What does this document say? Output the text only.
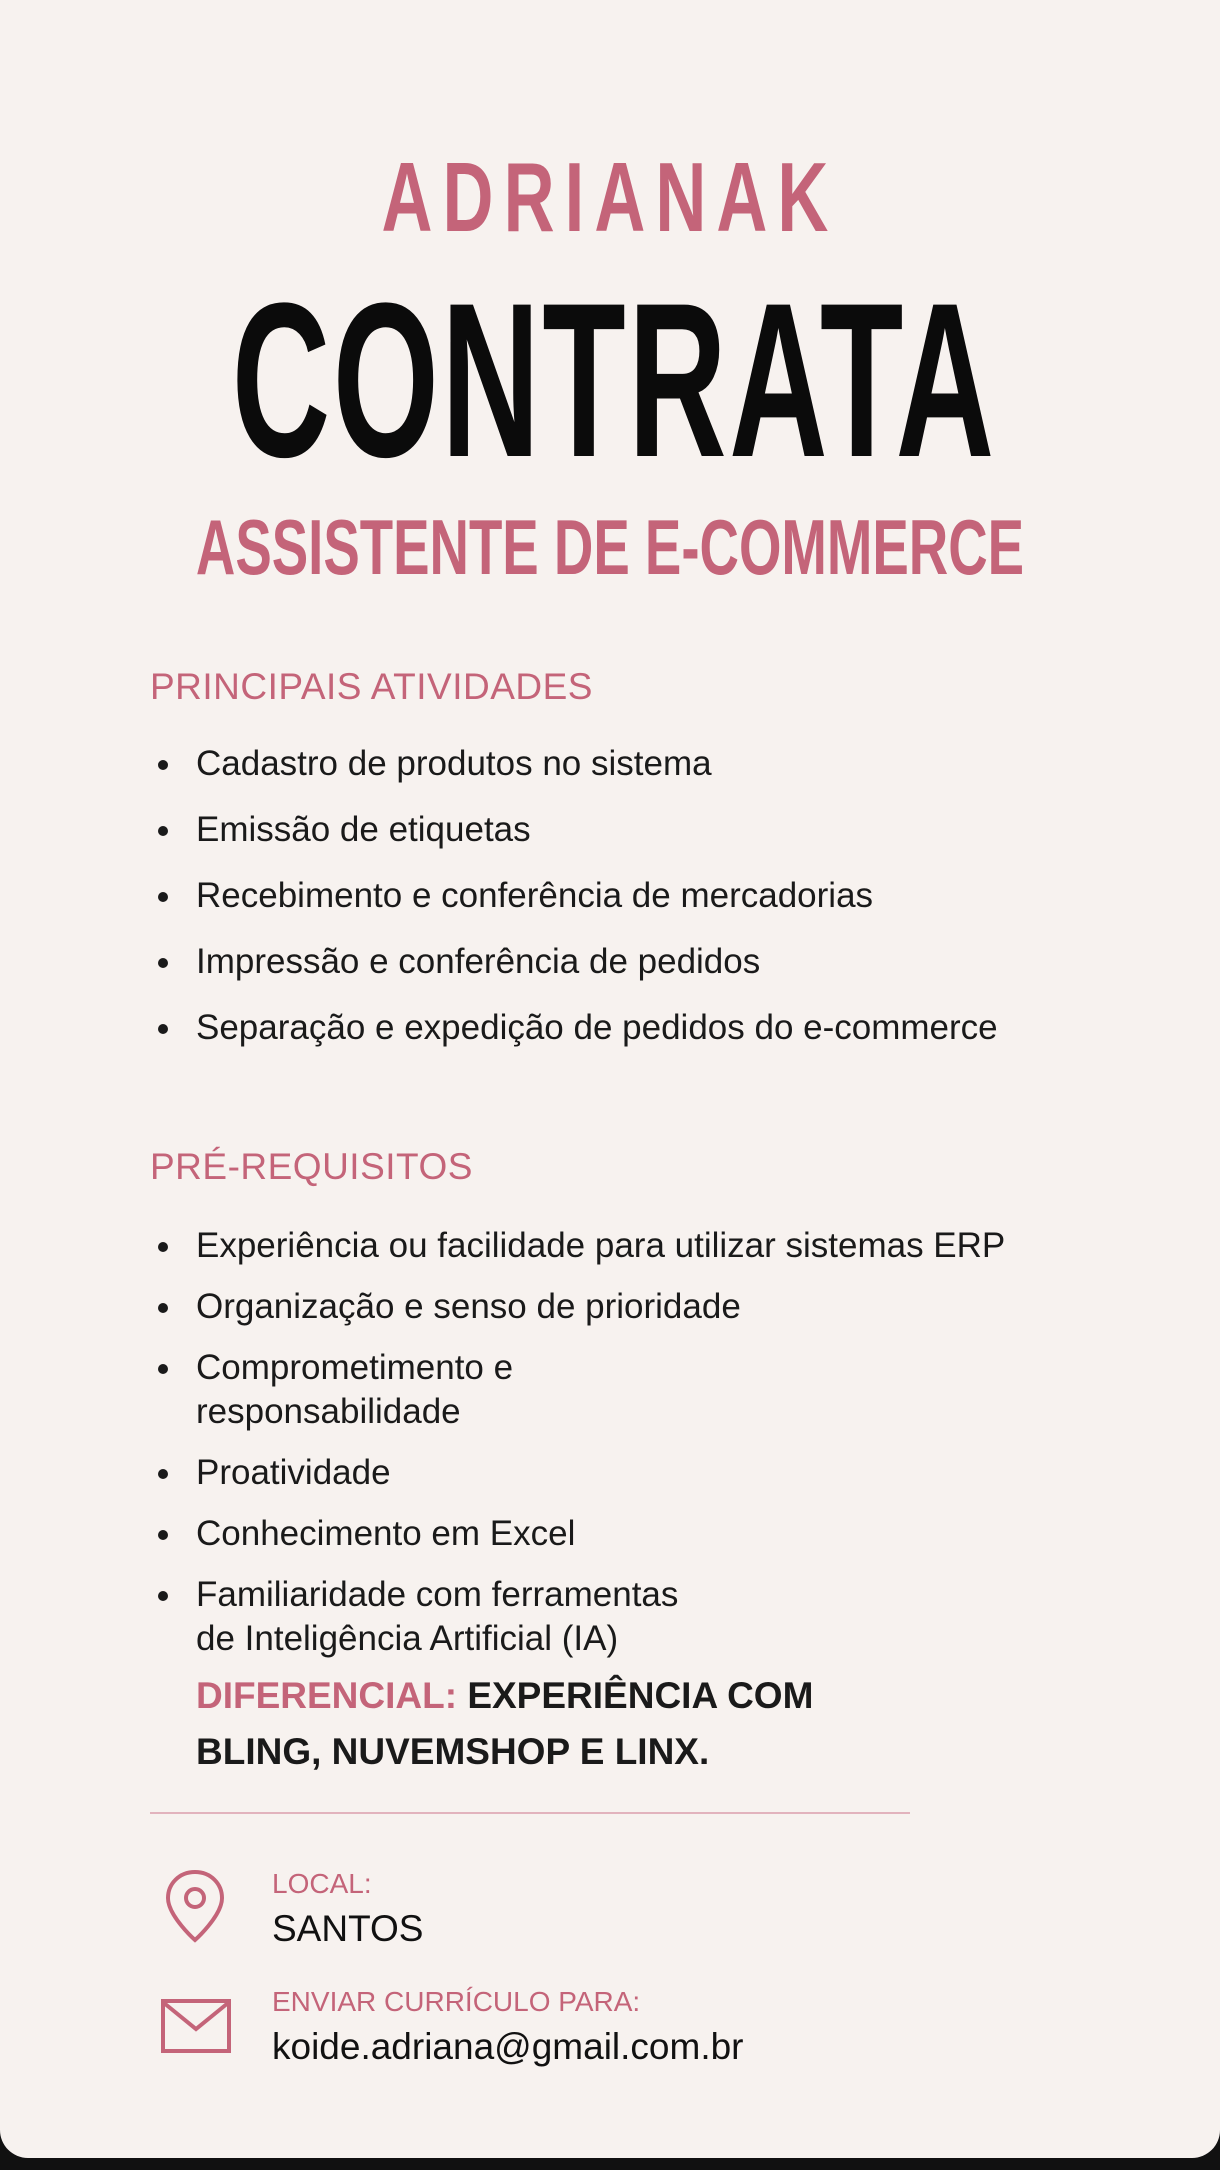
ADRIANAK
CONTRATA
ASSISTENTE DE E-COMMERCE
PRINCIPAIS ATIVIDADES
Cadastro de produtos no sistema
Emissão de etiquetas
Recebimento e conferência de mercadorias
Impressão e conferência de pedidos
Separação e expedição de pedidos do e-commerce
PRÉ-REQUISITOS
Experiência ou facilidade para utilizar sistemas ERP
Organização e senso de prioridade
Comprometimento e responsabilidade
Proatividade
Conhecimento em Excel
Familiaridade com ferramentas de Inteligência Artificial (IA)
DIFERENCIAL: EXPERIÊNCIA COM BLING, NUVEMSHOP E LINX.
LOCAL:
SANTOS
ENVIAR CURRÍCULO PARA:
koide.adriana@gmail.com.br
